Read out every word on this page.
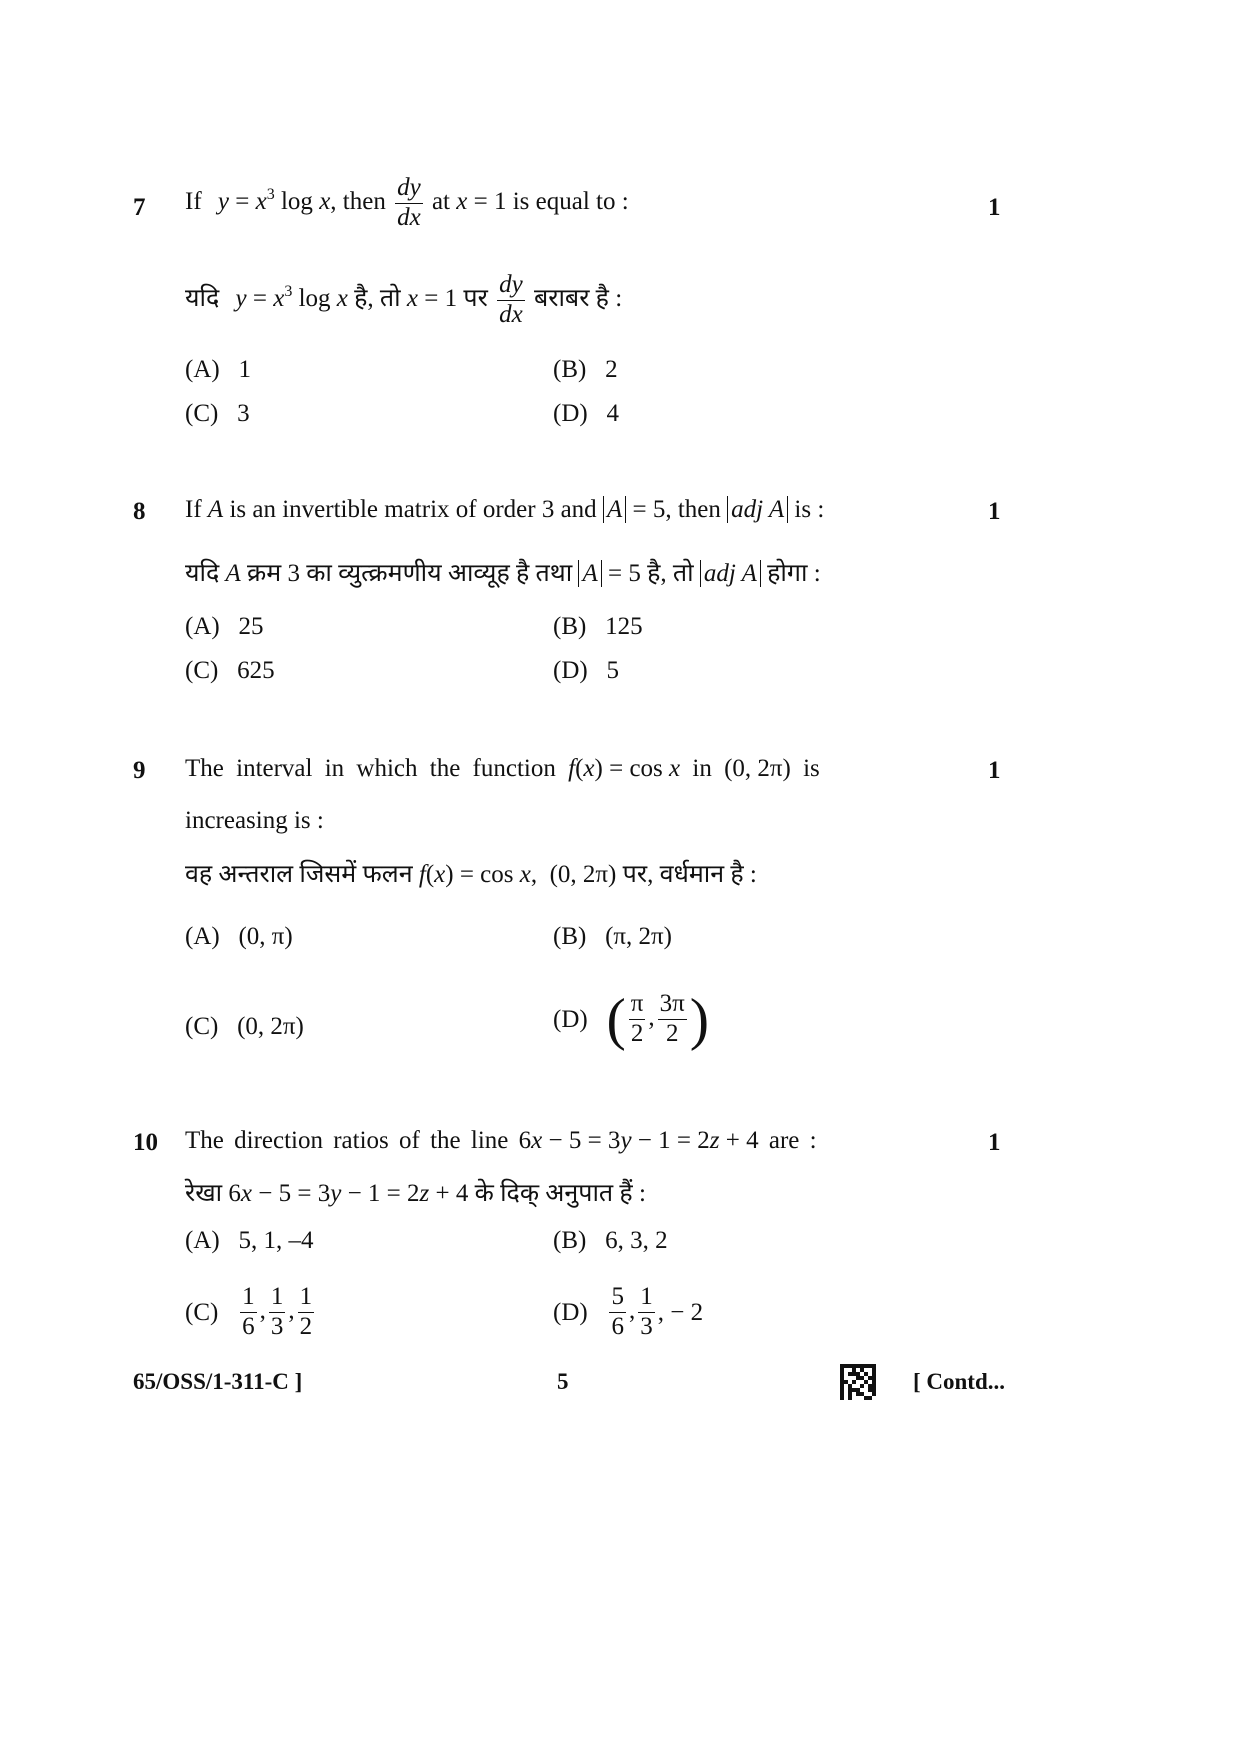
7 If $y = x^3$ log x, then $\frac{dy}{dx}$ at x = 1 is equal to :	1
यदि $y = x^3$ log x है, तो x = 1 पर $\frac{dy}{dx}$ बराबर है :
(A) 1	(B) 2
(C) 3	(D) 4
8 If A is an invertible matrix of order 3 and A = 5, then adj A is :	1
यदि A क्रम 3 का व्युत्क्रमणीय आव्यूह है तथा A = 5 है, तो adj A होगा :
(A) 25	(B) 125
(C) 625	(D) 5
9 The interval in which the function f(x) = cos x in (0, 2π) is	1
increasing is :
वह अन्तराल जिसमें फलन f(x) = cos x,  (0, 2π) पर, वर्धमान है :
(A) (0, π)	(B) (π, 2π)
(C) (0, 2π)	(D) ( $\frac{\pi}{2}$ , $\frac{3\pi}{2}$ )
10 The direction ratios of the line 6x − 5 = 3y − 1 = 2z + 4 are :	1
रेखा 6x − 5 = 3y − 1 = 2z + 4 के दिक् अनुपात हैं :
(A) 5, 1, –4	(B) 6, 3, 2
$(C) \frac{1}{6}$ , $\frac{1}{3}$ , $\frac{1}{2}$	$(D) \frac{5}{6}$ , $\frac{1}{3}$ , − 2
65/OSS/1-311-C ]	5	[ Contd...
